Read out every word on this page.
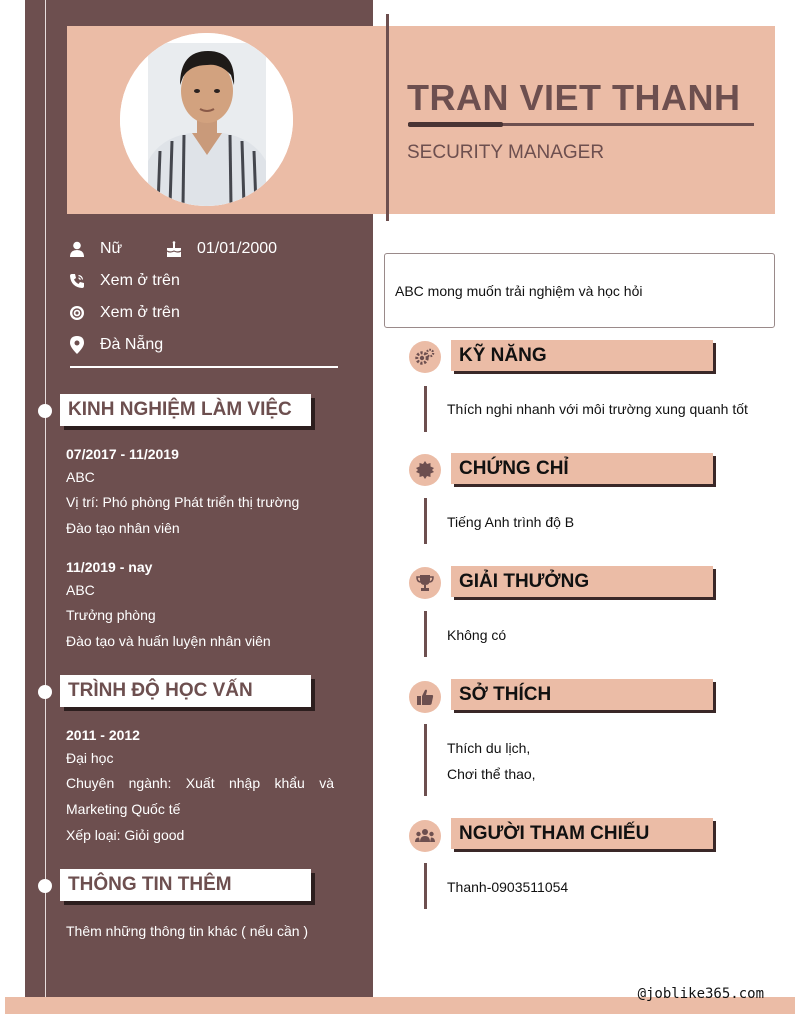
@joblike365.com
TRAN VIET THANH
SECURITY MANAGER
Nữ	01/01/2000
Xem ở trên
Xem ở trên
Đà Nẵng
KINH NGHIỆM LÀM VIỆC
07/2017 - 11/2019
ABC
Vị trí: Phó phòng Phát triển thị trường
Đào tạo nhân viên
11/2019 - nay
ABC
Trưởng phòng
Đào tạo và huấn luyện nhân viên
TRÌNH ĐỘ HỌC VẤN
2011 - 2012
Đại học
Chuyên ngành: Xuất nhập khẩu và
Marketing Quốc tế
Xếp loại: Giỏi good
THÔNG TIN THÊM
Thêm những thông tin khác ( nếu cần )
ABC mong muốn trải nghiệm và học hỏi
KỸ NĂNG
Thích nghi nhanh với môi trường xung quanh tốt
CHỨNG CHỈ
Tiếng Anh trình độ B
GIẢI THƯỞNG
Không có
SỞ THÍCH
Thích du lịch,
Chơi thể thao,
NGƯỜI THAM CHIẾU
Thanh-0903511054
